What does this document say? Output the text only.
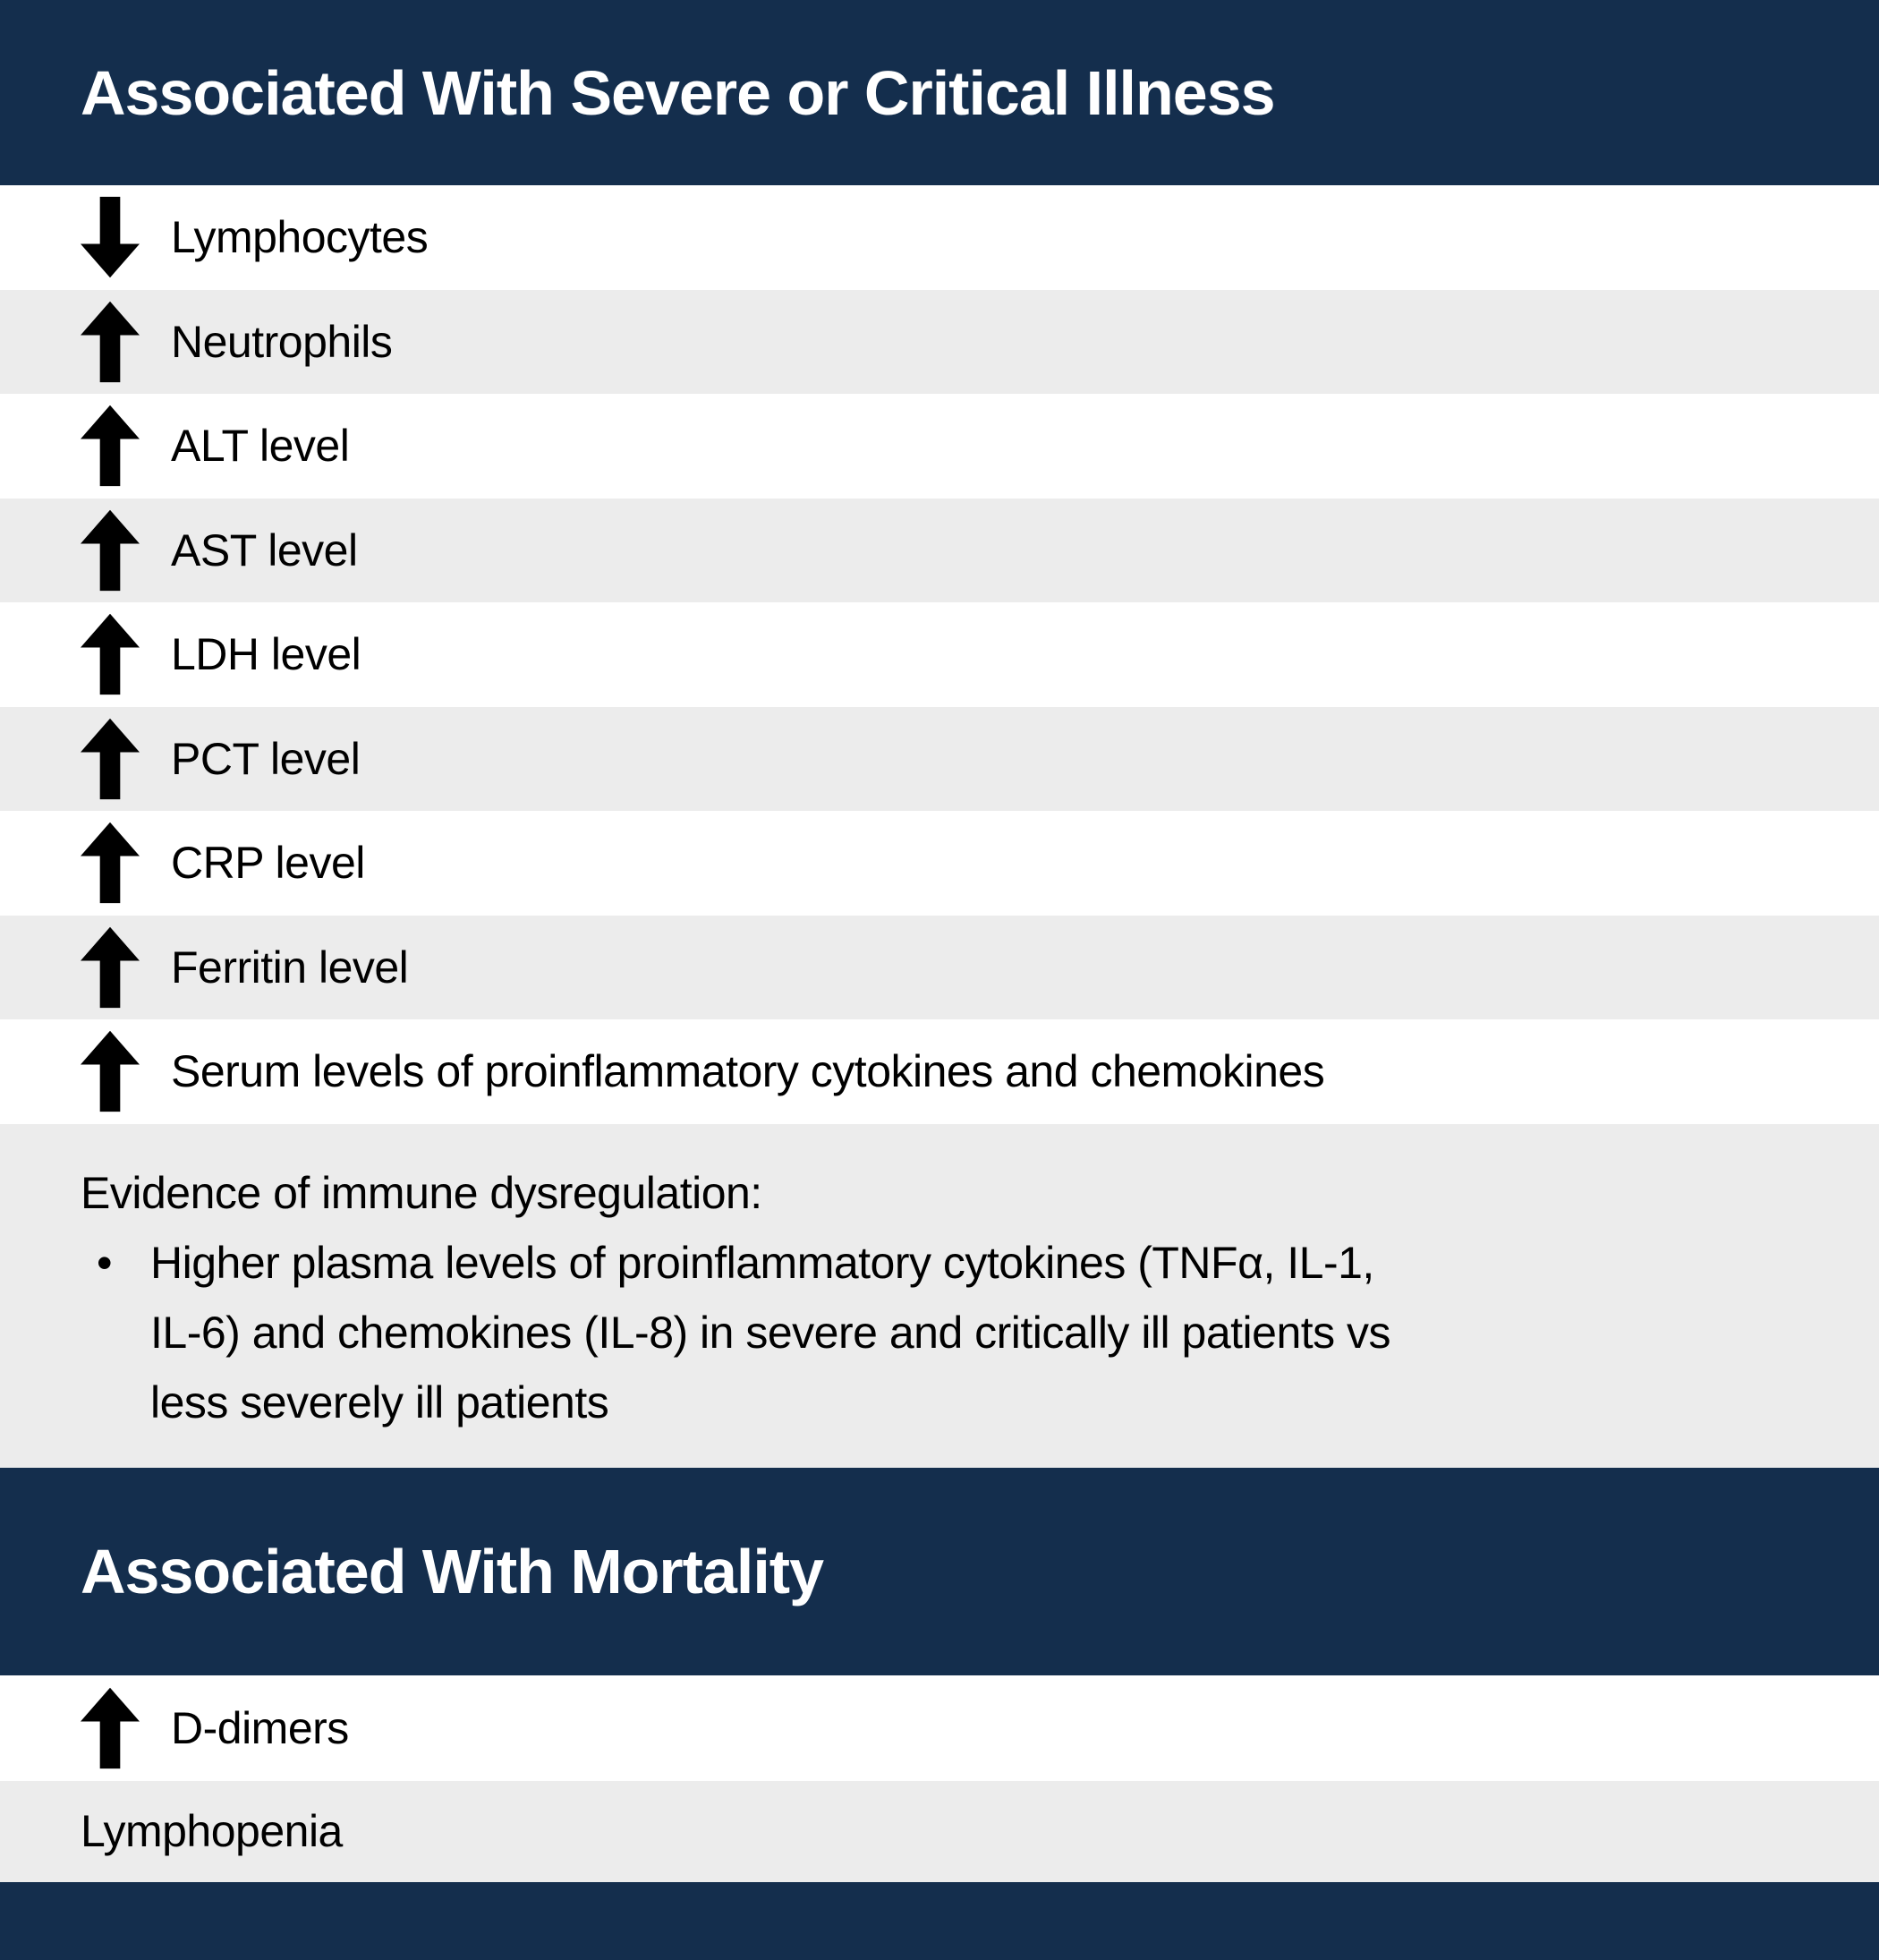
Associated With Severe or Critical Illness
Lymphocytes
Neutrophils
ALT level
AST level
LDH level
PCT level
CRP level
Ferritin level
Serum levels of proinflammatory cytokines and chemokines

Evidence of immune dysregulation:

•
Higher plasma levels of proinflammatory cytokines (TNFα, IL-1, IL-6) and chemokines (IL-8) in severe and critically ill patients vs less severely ill patients
Associated With Mortality
D-dimers
Lymphopenia
